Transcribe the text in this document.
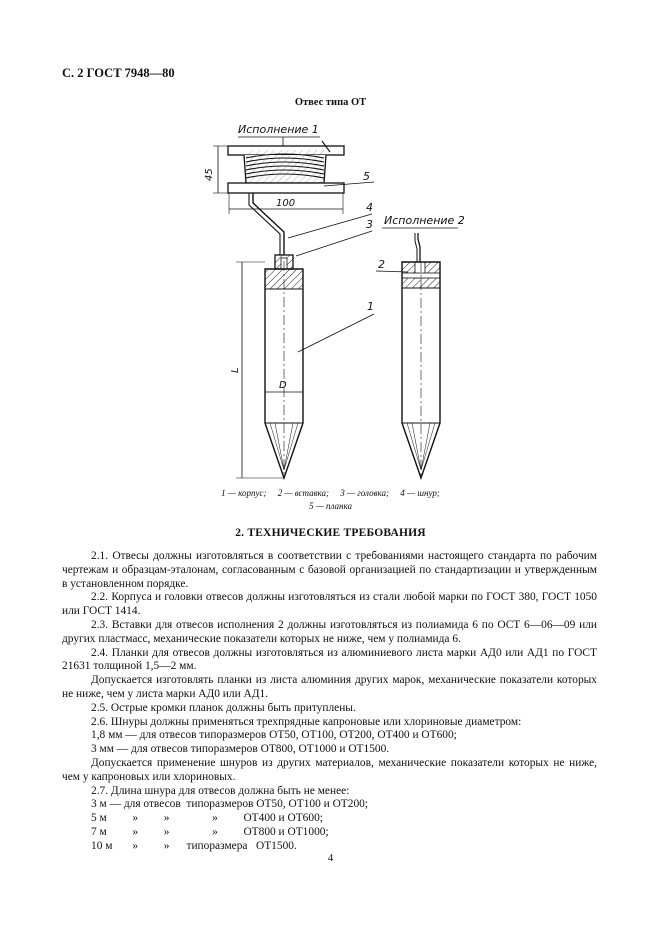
С. 2 ГОСТ 7948—80
Отвес типа ОТ
Исполнение 1
45
100
5
4
3
L
D
1
Исполнение 2
2
1 — корпус; 2 — вставка; 3 — головка; 4 — шнур;
5 — планка
2. ТЕХНИЧЕСКИЕ ТРЕБОВАНИЯ

2.1. Отвесы должны изготовляться в соответствии с требованиями настоящего стандарта по рабочим чертежам и образцам-эталонам, согласованным с базовой организацией по стандартизации и утвержденным в установленном порядке.

2.2. Корпуса и головки отвесов должны изготовляться из стали любой марки по ГОСТ 380, ГОСТ 1050 или ГОСТ 1414.

2.3. Вставки для отвесов исполнения 2 должны изготовляться из полиамида 6 по ОСТ 6—06—09 или других пластмасс, механические показатели которых не ниже, чем у полиамида 6.

2.4. Планки для отвесов должны изготовляться из алюминиевого листа марки АД0 или АД1 по ГОСТ 21631 толщиной 1,5—2 мм.

Допускается изготовлять планки из листа алюминия других марок, механические показатели которых не ниже, чем у листа марки АД0 или АД1.

2.5. Острые кромки планок должны быть притуплены.

2.6. Шнуры должны применяться трехпрядные капроновые или хлориновые диаметром:

1,8 мм — для отвесов типоразмеров ОТ50, ОТ100, ОТ200, ОТ400 и ОТ600;

3 мм — для отвесов типоразмеров ОТ800, ОТ1000 и ОТ1500.

Допускается применение шнуров из других материалов, механические показатели которых не ниже, чем у капроновых или хлориновых.

2.7. Длина шнура для отвесов должна быть не менее:

3 м — для отвесов  типоразмеров ОТ50, ОТ100 и ОТ200;
5 м         »         »               »         ОТ400 и ОТ600;
7 м         »         »               »         ОТ800 и ОТ1000;
10 м       »         »      типоразмера   ОТ1500.
4
